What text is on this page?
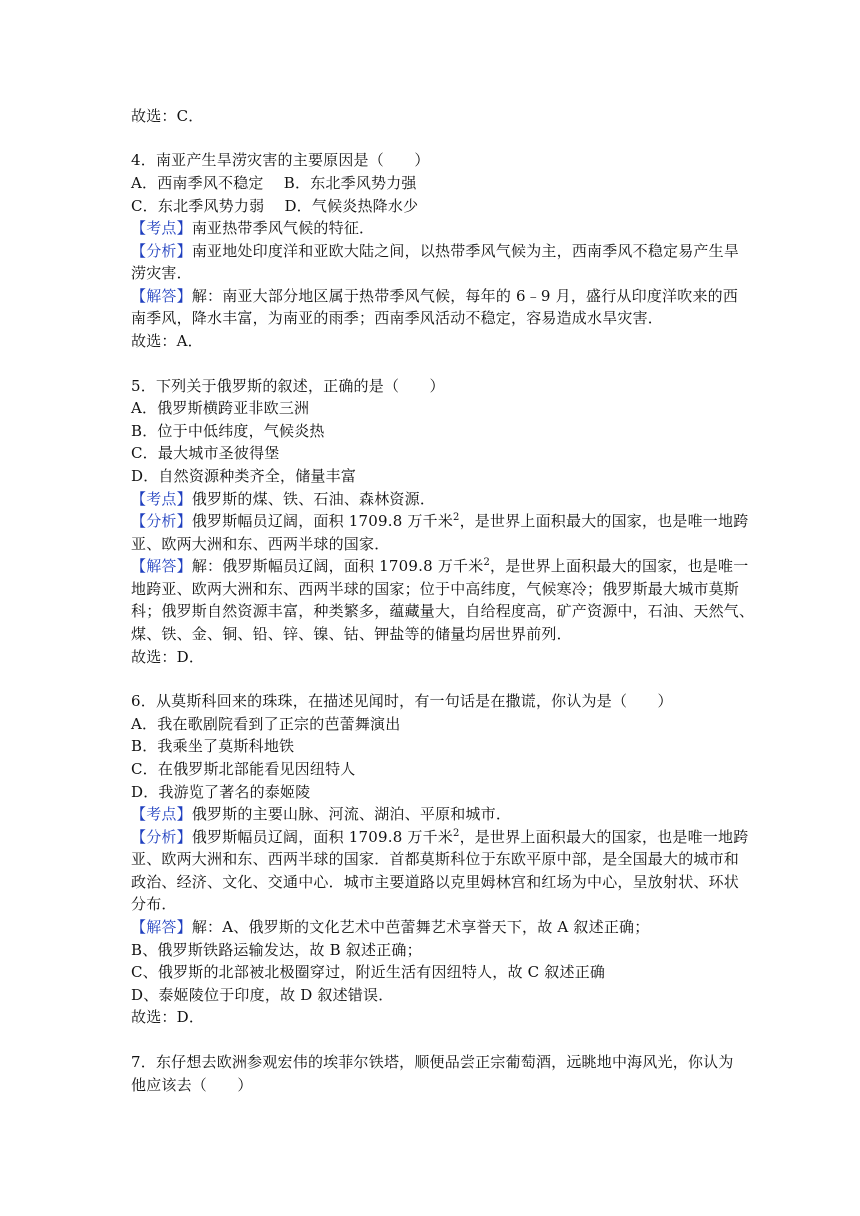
故选：C．
4．南亚产生旱涝灾害的主要原因是（　　）
A．西南季风不稳定　 B．东北季风势力强
C．东北季风势力弱　 D．气候炎热降水少
【考点】南亚热带季风气候的特征．
【分析】南亚地处印度洋和亚欧大陆之间，以热带季风气候为主，西南季风不稳定易产生旱
涝灾害．
【解答】解：南亚大部分地区属于热带季风气候，每年的 6﹣9 月，盛行从印度洋吹来的西
南季风，降水丰富，为南亚的雨季；西南季风活动不稳定，容易造成水旱灾害．
故选：A．
5．下列关于俄罗斯的叙述，正确的是（　　）
A．俄罗斯横跨亚非欧三洲
B．位于中低纬度，气候炎热
C．最大城市圣彼得堡
D．自然资源种类齐全，储量丰富
【考点】俄罗斯的煤、铁、石油、森林资源．
【分析】俄罗斯幅员辽阔，面积 1709.8 万千米$^2$，是世界上面积最大的国家，也是唯一地跨
亚、欧两大洲和东、西两半球的国家．
【解答】解：俄罗斯幅员辽阔，面积 1709.8 万千米$^2$，是世界上面积最大的国家，也是唯一
地跨亚、欧两大洲和东、西两半球的国家；位于中高纬度，气候寒冷；俄罗斯最大城市莫斯
科；俄罗斯自然资源丰富，种类繁多，蕴藏量大，自给程度高，矿产资源中，石油、天然气、
煤、铁、金、铜、铅、锌、镍、钴、钾盐等的储量均居世界前列．
故选：D．
6．从莫斯科回来的珠珠，在描述见闻时，有一句话是在撒谎，你认为是（　　）
A．我在歌剧院看到了正宗的芭蕾舞演出
B．我乘坐了莫斯科地铁
C．在俄罗斯北部能看见因纽特人
D．我游览了著名的泰姬陵
【考点】俄罗斯的主要山脉、河流、湖泊、平原和城市．
【分析】俄罗斯幅员辽阔，面积 1709.8 万千米$^2$，是世界上面积最大的国家，也是唯一地跨
亚、欧两大洲和东、西两半球的国家．首都莫斯科位于东欧平原中部，是全国最大的城市和
政治、经济、文化、交通中心．城市主要道路以克里姆林宫和红场为中心，呈放射状、环状
分布．
【解答】解：A、俄罗斯的文化艺术中芭蕾舞艺术享誉天下，故 A 叙述正确；
B、俄罗斯铁路运输发达，故 B 叙述正确；
C、俄罗斯的北部被北极圈穿过，附近生活有因纽特人，故 C 叙述正确
D、泰姬陵位于印度，故 D 叙述错误．
故选：D．
7．东仔想去欧洲参观宏伟的埃菲尔铁塔，顺便品尝正宗葡萄酒，远眺地中海风光，你认为
他应该去（　　）
